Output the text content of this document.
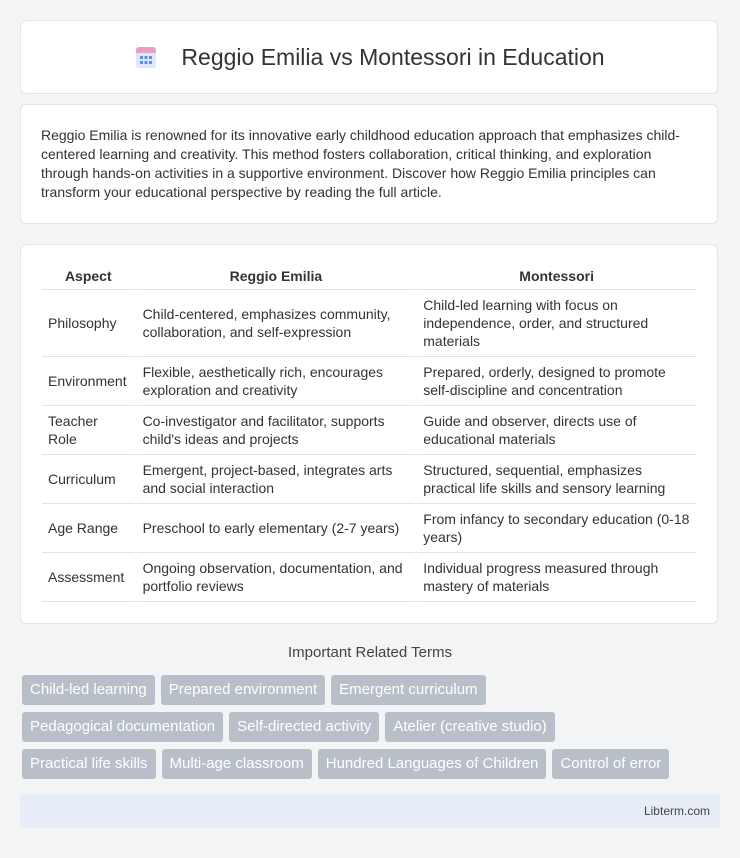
Reggio Emilia vs Montessori in Education
Reggio Emilia is renowned for its innovative early childhood education approach that emphasizes child-centered learning and creativity. This method fosters collaboration, critical thinking, and exploration through hands-on activities in a supportive environment. Discover how Reggio Emilia principles can transform your educational perspective by reading the full article.
Aspect	Reggio Emilia	Montessori
Philosophy	Child-centered, emphasizes community, collaboration, and self-expression	Child-led learning with focus on independence, order, and structured materials
Environment	Flexible, aesthetically rich, encourages exploration and creativity	Prepared, orderly, designed to promote self-discipline and concentration
Teacher Role	Co-investigator and facilitator, supports child's ideas and projects	Guide and observer, directs use of educational materials
Curriculum	Emergent, project-based, integrates arts and social interaction	Structured, sequential, emphasizes practical life skills and sensory learning
Age Range	Preschool to early elementary (2-7 years)	From infancy to secondary education (0-18 years)
Assessment	Ongoing observation, documentation, and portfolio reviews	Individual progress measured through mastery of materials
Important Related Terms
Child-led learning	Prepared environment	Emergent curriculum
Pedagogical documentation	Self-directed activity	Atelier (creative studio)
Practical life skills	Multi-age classroom	Hundred Languages of Children	Control of error
Libterm.com
